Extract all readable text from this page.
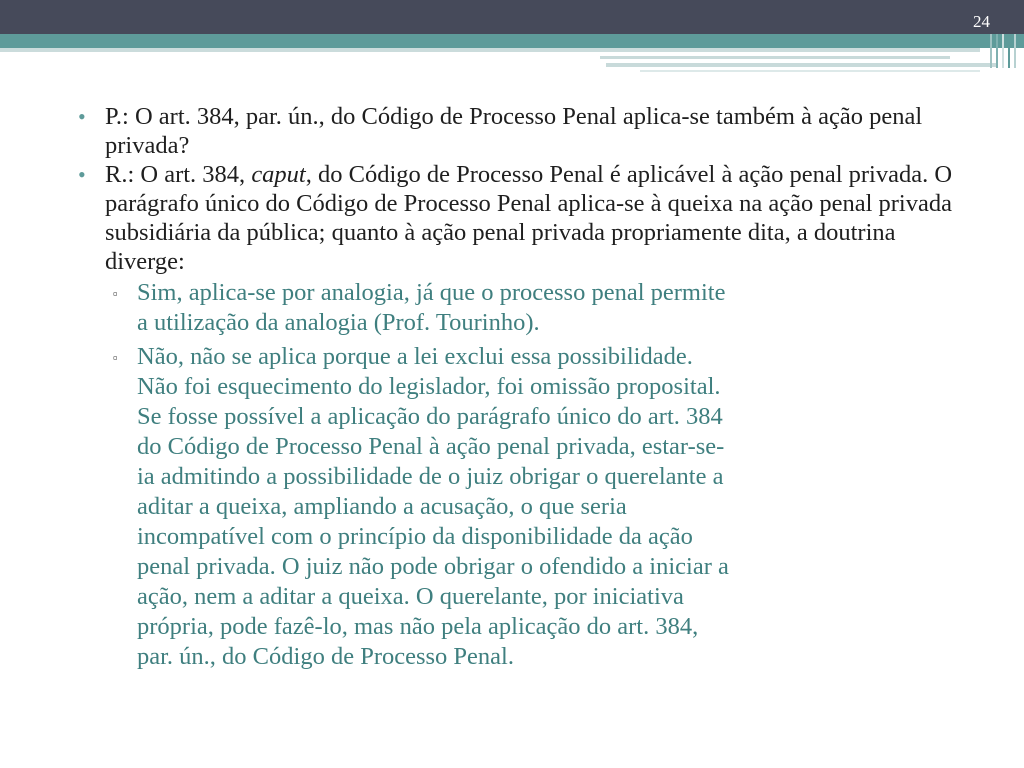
24
• P.: O art. 384, par. ún., do Código de Processo Penal aplica-se também à ação penal privada?
• R.: O art. 384, caput, do Código de Processo Penal é aplicável à ação penal privada. O parágrafo único do Código de Processo Penal aplica-se à queixa na ação penal privada subsidiária da pública; quanto à ação penal privada propriamente dita, a doutrina diverge:
▫ Sim, aplica-se por analogia, já que o processo penal permite
a utilização da analogia (Prof. Tourinho).
▫ Não, não se aplica porque a lei exclui essa possibilidade.
Não foi esquecimento do legislador, foi omissão proposital.
Se fosse possível a aplicação do parágrafo único do art. 384
do Código de Processo Penal à ação penal privada, estar-se-
ia admitindo a possibilidade de o juiz obrigar o querelante a
aditar a queixa, ampliando a acusação, o que seria
incompatível com o princípio da disponibilidade da ação
penal privada. O juiz não pode obrigar o ofendido a iniciar a
ação, nem a aditar a queixa. O querelante, por iniciativa
própria, pode fazê-lo, mas não pela aplicação do art. 384,
par. ún., do Código de Processo Penal.
